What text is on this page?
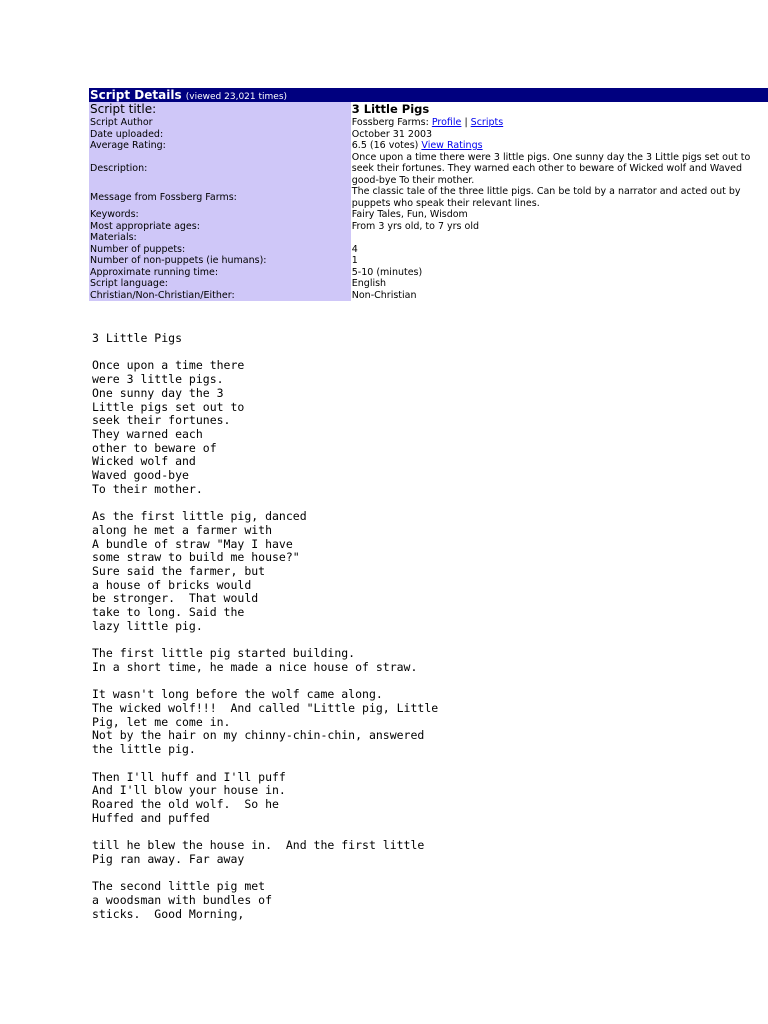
Script Details (viewed 23,021 times)
Script title:	3 Little Pigs
Script Author	Fossberg Farms: Profile | Scripts
Date uploaded:	October 31 2003
Average Rating:	6.5 (16 votes) View Ratings
Description:	Once upon a time there were 3 little pigs. One sunny day the 3 Little pigs set out to seek their fortunes. They warned each other to beware of Wicked wolf and Waved good-bye To their mother.
Message from Fossberg Farms:	The classic tale of the three little pigs. Can be told by a narrator and acted out by puppets who speak their relevant lines.
Keywords:	Fairy Tales, Fun, Wisdom
Most appropriate ages:	From 3 yrs old, to 7 yrs old
Materials:	
Number of puppets:	4
Number of non-puppets (ie humans):	1
Approximate running time:	5-10 (minutes)
Script language:	English
Christian/Non-Christian/Either:	Non-Christian
3 Little Pigs

Once upon a time there
were 3 little pigs.
One sunny day the 3
Little pigs set out to
seek their fortunes.
They warned each
other to beware of
Wicked wolf and
Waved good-bye
To their mother.

As the first little pig, danced
along he met a farmer with
A bundle of straw "May I have
some straw to build me house?"
Sure said the farmer, but
a house of bricks would
be stronger.  That would
take to long. Said the
lazy little pig.

The first little pig started building.
In a short time, he made a nice house of straw.

It wasn't long before the wolf came along.
The wicked wolf!!!  And called "Little pig, Little
Pig, let me come in.
Not by the hair on my chinny-chin-chin, answered
the little pig.

Then I'll huff and I'll puff
And I'll blow your house in.
Roared the old wolf.  So he
Huffed and puffed

till he blew the house in.  And the first little
Pig ran away. Far away

The second little pig met
a woodsman with bundles of
sticks.  Good Morning,
